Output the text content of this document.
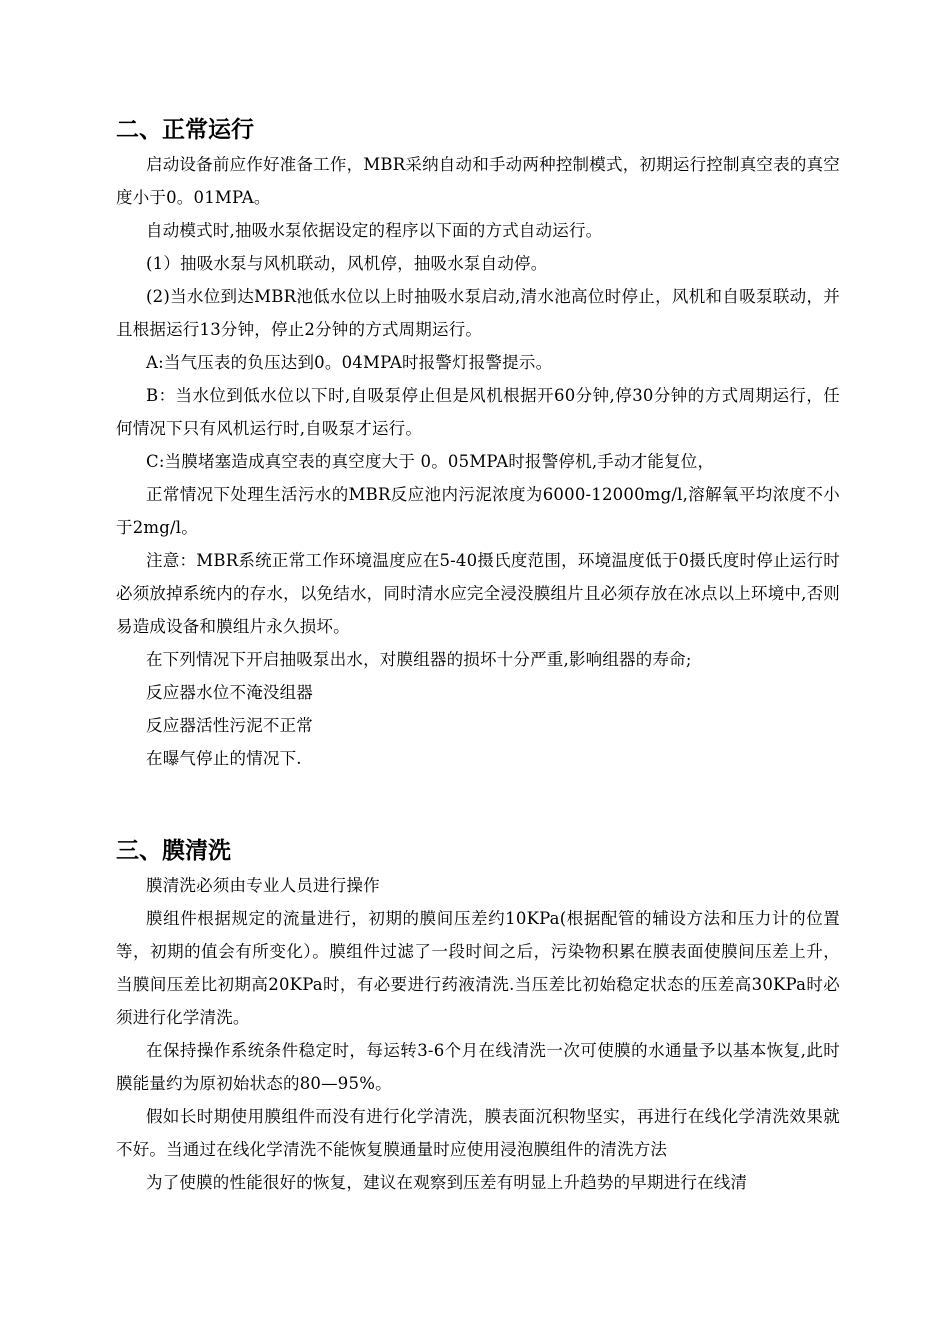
二、正常运行

启动设备前应作好准备工作，MBR采纳自动和手动两种控制模式，初期运行控制真空表的真空度小于0。01MPA。

自动模式时,抽吸水泵依据设定的程序以下面的方式自动运行。

(1）抽吸水泵与风机联动，风机停，抽吸水泵自动停。

(2)当水位到达MBR池低水位以上时抽吸水泵启动,清水池高位时停止，风机和自吸泵联动，并且根据运行13分钟，停止2分钟的方式周期运行。

A:当气压表的负压达到0。04MPA时报警灯报警提示。

B：当水位到低水位以下时,自吸泵停止但是风机根据开60分钟,停30分钟的方式周期运行，任何情况下只有风机运行时,自吸泵才运行。

C:当膜堵塞造成真空表的真空度大于 0。05MPA时报警停机,手动才能复位，

正常情况下处理生活污水的MBR反应池内污泥浓度为6000-12000mg/l,溶解氧平均浓度不小于2mg/l。

注意：MBR系统正常工作环境温度应在5-40摄氏度范围，环境温度低于0摄氏度时停止运行时必须放掉系统内的存水，以免结水，同时清水应完全浸没膜组片且必须存放在冰点以上环境中,否则易造成设备和膜组片永久损坏。

在下列情况下开启抽吸泵出水，对膜组器的损坏十分严重,影响组器的寿命;

反应器水位不淹没组器

反应器活性污泥不正常

在曝气停止的情况下.

三、膜清洗

膜清洗必须由专业人员进行操作

膜组件根据规定的流量进行，初期的膜间压差约10KPa(根据配管的辅设方法和压力计的位置等，初期的值会有所变化）。膜组件过滤了一段时间之后，污染物积累在膜表面使膜间压差上升，当膜间压差比初期高20KPa时，有必要进行药液清洗.当压差比初始稳定状态的压差高30KPa时必须进行化学清洗。

在保持操作系统条件稳定时，每运转3-6个月在线清洗一次可使膜的水通量予以基本恢复,此时膜能量约为原初始状态的80—95%。

假如长时期使用膜组件而没有进行化学清洗，膜表面沉积物坚实，再进行在线化学清洗效果就不好。当通过在线化学清洗不能恢复膜通量时应使用浸泡膜组件的清洗方法

为了使膜的性能很好的恢复，建议在观察到压差有明显上升趋势的早期进行在线清
